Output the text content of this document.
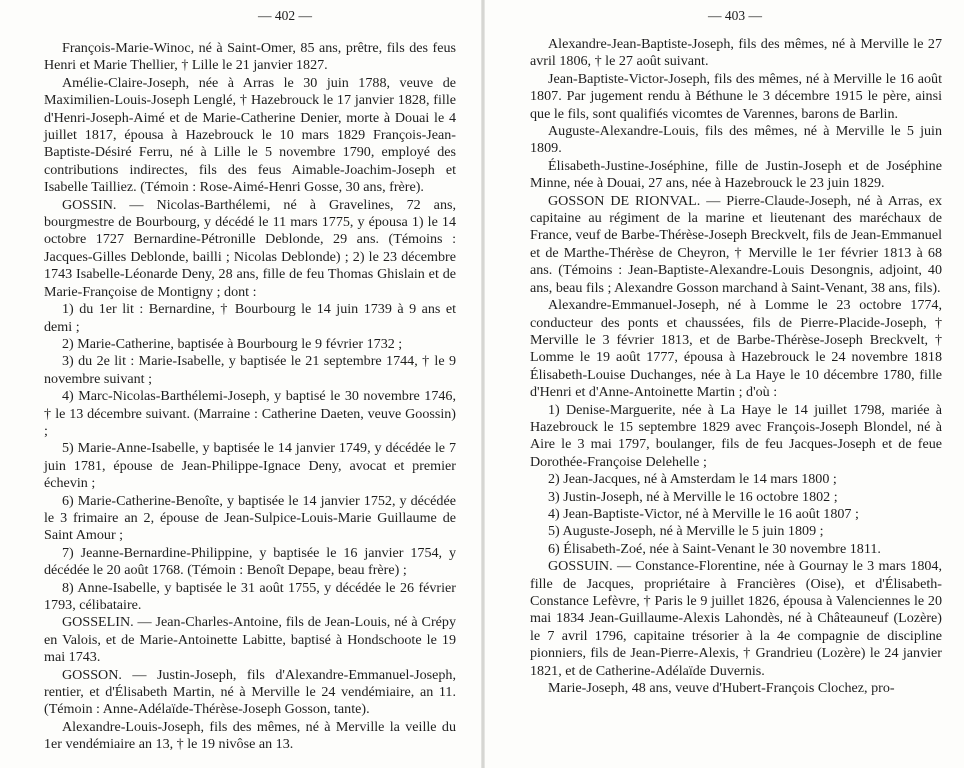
— 402 —

François-Marie-Winoc, né à Saint-Omer, 85 ans, prêtre, fils des feus Henri et Marie Thellier, † Lille le 21 janvier 1827.

Amélie-Claire-Joseph, née à Arras le 30 juin 1788, veuve de Maximilien-Louis-Joseph Lenglé, † Hazebrouck le 17 janvier 1828, fille d'Henri-Joseph-Aimé et de Marie-Catherine Denier, morte à Douai le 4 juillet 1817, épousa à Hazebrouck le 10 mars 1829 François-Jean-Baptiste-Désiré Ferru, né à Lille le 5 novembre 1790, employé des contributions indirectes, fils des feus Aimable-Joachim-Joseph et Isabelle Tailliez. (Témoin : Rose-Aimé-Henri Gosse, 30 ans, frère).

GOSSIN. — Nicolas-Barthélemi, né à Gravelines, 72 ans, bourgmestre de Bourbourg, y décédé le 11 mars 1775, y épousa 1) le 14 octobre 1727 Bernardine-Pétronille Deblonde, 29 ans. (Témoins : Jacques-Gilles Deblonde, bailli ; Nicolas Deblonde) ; 2) le 23 décembre 1743 Isabelle-Léonarde Deny, 28 ans, fille de feu Thomas Ghislain et de Marie-Françoise de Montigny ; dont :

1) du 1er lit : Bernardine, † Bourbourg le 14 juin 1739 à 9 ans et demi ;

2) Marie-Catherine, baptisée à Bourbourg le 9 février 1732 ;

3) du 2e lit : Marie-Isabelle, y baptisée le 21 septembre 1744, † le 9 novembre suivant ;

4) Marc-Nicolas-Barthélemi-Joseph, y baptisé le 30 novembre 1746, † le 13 décembre suivant. (Marraine : Catherine Daeten, veuve Goossin) ;

5) Marie-Anne-Isabelle, y baptisée le 14 janvier 1749, y décédée le 7 juin 1781, épouse de Jean-Philippe-Ignace Deny, avocat et premier échevin ;

6) Marie-Catherine-Benoîte, y baptisée le 14 janvier 1752, y décédée le 3 frimaire an 2, épouse de Jean-Sulpice-Louis-Marie Guillaume de Saint Amour ;

7) Jeanne-Bernardine-Philippine, y baptisée le 16 janvier 1754, y décédée le 20 août 1768. (Témoin : Benoît Depape, beau frère) ;

8) Anne-Isabelle, y baptisée le 31 août 1755, y décédée le 26 février 1793, célibataire.

GOSSELIN. — Jean-Charles-Antoine, fils de Jean-Louis, né à Crépy en Valois, et de Marie-Antoinette Labitte, baptisé à Hondschoote le 19 mai 1743.

GOSSON. — Justin-Joseph, fils d'Alexandre-Emmanuel-Joseph, rentier, et d'Élisabeth Martin, né à Merville le 24 vendémiaire, an 11. (Témoin : Anne-Adélaïde-Thérèse-Joseph Gosson, tante).

Alexandre-Louis-Joseph, fils des mêmes, né à Merville la veille du 1er vendémiaire an 13, † le 19 nivôse an 13.

— 403 —

Alexandre-Jean-Baptiste-Joseph, fils des mêmes, né à Merville le 27 avril 1806, † le 27 août suivant.

Jean-Baptiste-Victor-Joseph, fils des mêmes, né à Merville le 16 août 1807. Par jugement rendu à Béthune le 3 décembre 1915 le père, ainsi que le fils, sont qualifiés vicomtes de Varennes, barons de Barlin.

Auguste-Alexandre-Louis, fils des mêmes, né à Merville le 5 juin 1809.

Élisabeth-Justine-Joséphine, fille de Justin-Joseph et de Joséphine Minne, née à Douai, 27 ans, née à Hazebrouck le 23 juin 1829.

GOSSON DE RIONVAL. — Pierre-Claude-Joseph, né à Arras, ex capitaine au régiment de la marine et lieutenant des maréchaux de France, veuf de Barbe-Thérèse-Joseph Breckvelt, fils de Jean-Emmanuel et de Marthe-Thérèse de Cheyron, † Merville le 1er février 1813 à 68 ans. (Témoins : Jean-Baptiste-Alexandre-Louis Desongnis, adjoint, 40 ans, beau fils ; Alexandre Gosson marchand à Saint-Venant, 38 ans, fils).

Alexandre-Emmanuel-Joseph, né à Lomme le 23 octobre 1774, conducteur des ponts et chaussées, fils de Pierre-Placide-Joseph, † Merville le 3 février 1813, et de Barbe-Thérèse-Joseph Breckvelt, † Lomme le 19 août 1777, épousa à Hazebrouck le 24 novembre 1818 Élisabeth-Louise Duchanges, née à La Haye le 10 décembre 1780, fille d'Henri et d'Anne-Antoinette Martin ; d'où :

1) Denise-Marguerite, née à La Haye le 14 juillet 1798, mariée à Hazebrouck le 15 septembre 1829 avec François-Joseph Blondel, né à Aire le 3 mai 1797, boulanger, fils de feu Jacques-Joseph et de feue Dorothée-Françoise Delehelle ;

2) Jean-Jacques, né à Amsterdam le 14 mars 1800 ;

3) Justin-Joseph, né à Merville le 16 octobre 1802 ;

4) Jean-Baptiste-Victor, né à Merville le 16 août 1807 ;

5) Auguste-Joseph, né à Merville le 5 juin 1809 ;

6) Élisabeth-Zoé, née à Saint-Venant le 30 novembre 1811.

GOSSUIN. — Constance-Florentine, née à Gournay le 3 mars 1804, fille de Jacques, propriétaire à Francières (Oise), et d'Élisabeth-Constance Lefèvre, † Paris le 9 juillet 1826, épousa à Valenciennes le 20 mai 1834 Jean-Guillaume-Alexis Lahondès, né à Châteauneuf (Lozère) le 7 avril 1796, capitaine trésorier à la 4e compagnie de discipline pionniers, fils de Jean-Pierre-Alexis, † Grandrieu (Lozère) le 24 janvier 1821, et de Catherine-Adélaïde Duvernis.

Marie-Joseph, 48 ans, veuve d'Hubert-François Clochez, pro-
